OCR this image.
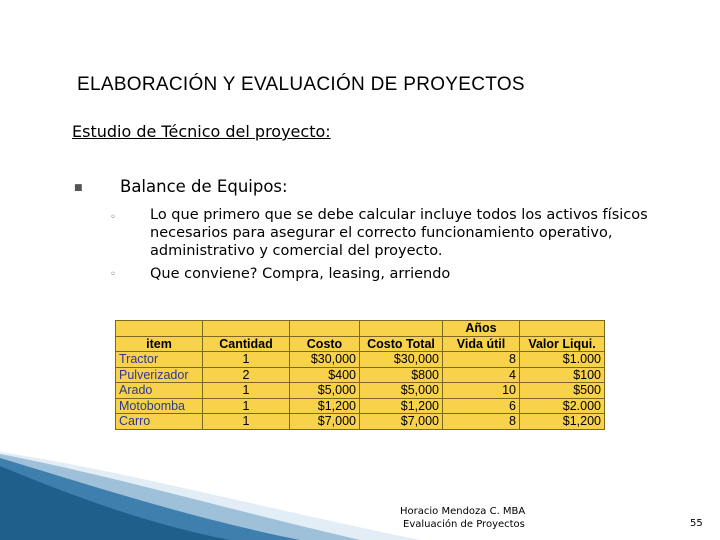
ELABORACIÓN Y EVALUACIÓN DE PROYECTOS
Estudio de Técnico del proyecto:
■ Balance de Equipos:
◦ Lo que primero que se debe calcular incluye todos los activos físicos necesarios para asegurar el correcto funcionamiento operativo, administrativo y comercial del proyecto.
◦ Que conviene? Compra, leasing, arriendo
				Años	
item	Cantidad	Costo	Costo Total	Vida útil	Valor Liqui.
Tractor	1	$30,000	$30,000	8	$1.000
Pulverizador	2	$400	$800	4	$100
Arado	1	$5,000	$5,000	10	$500
Motobomba	1	$1,200	$1,200	6	$2.000
Carro	1	$7,000	$7,000	8	$1,200
Horacio Mendoza C. MBA
Evaluación de Proyectos	55
